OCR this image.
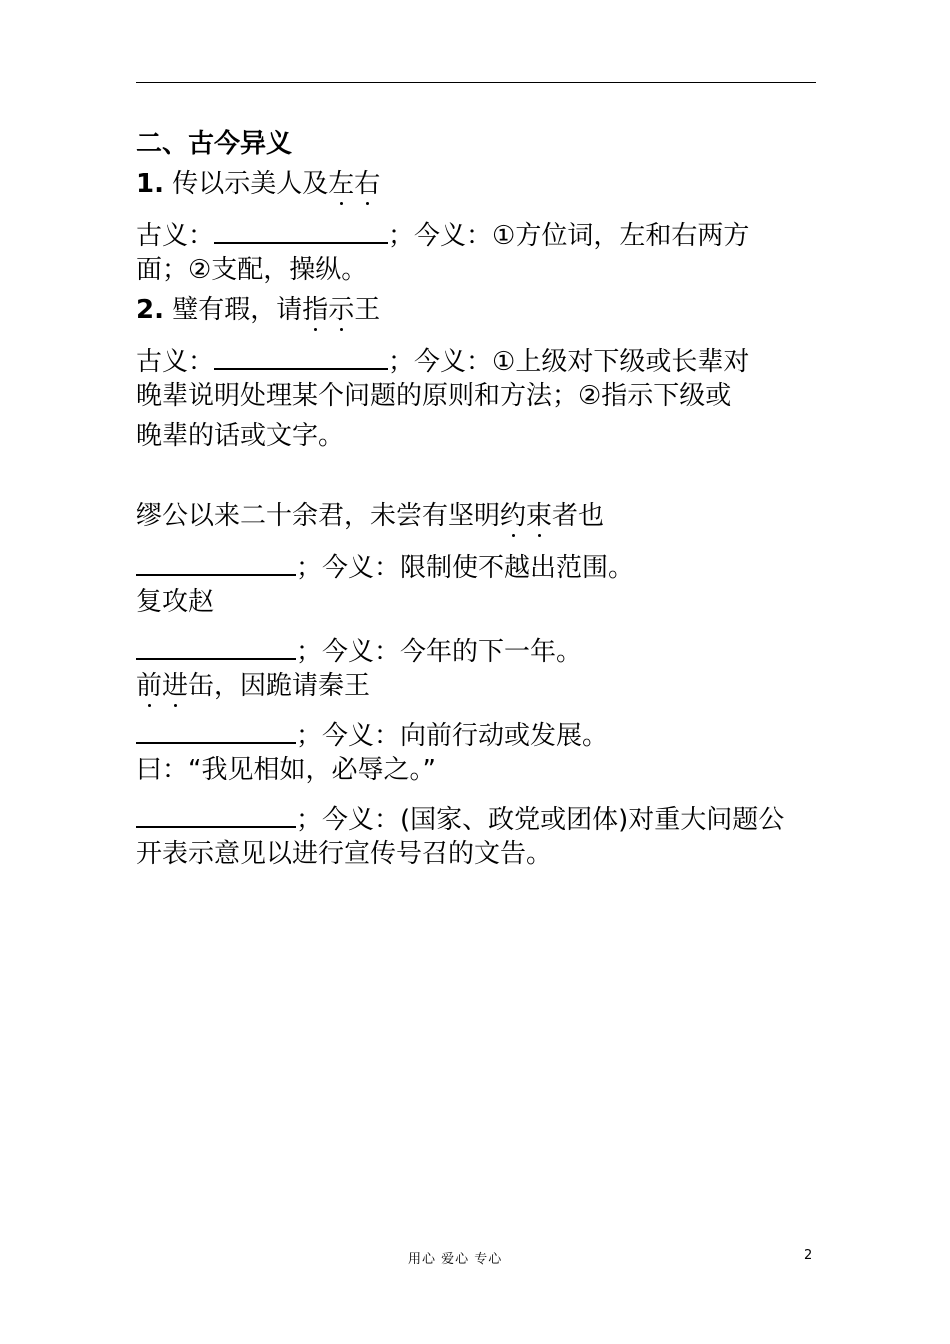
二、古今异义
1. 传以示美人及左右
古义：	；今义：①方位词，左和右两方
面；②支配，操纵。
2. 璧有瑕，请指示王
古义：	；今义：①上级对下级或长辈对
晚辈说明处理某个问题的原则和方法；②指示下级或
晚辈的话或文字。
缪公以来二十余君，未尝有坚明约束者也
；今义：限制使不越出范围。
复攻赵
；今义：今年的下一年。
前进缶，因跪请秦王
；今义：向前行动或发展。
曰：“我见相如，必辱之。”
；今义：(国家、政党或团体)对重大问题公
开表示意见以进行宣传号召的文告。
用心 爱心 专心	2
